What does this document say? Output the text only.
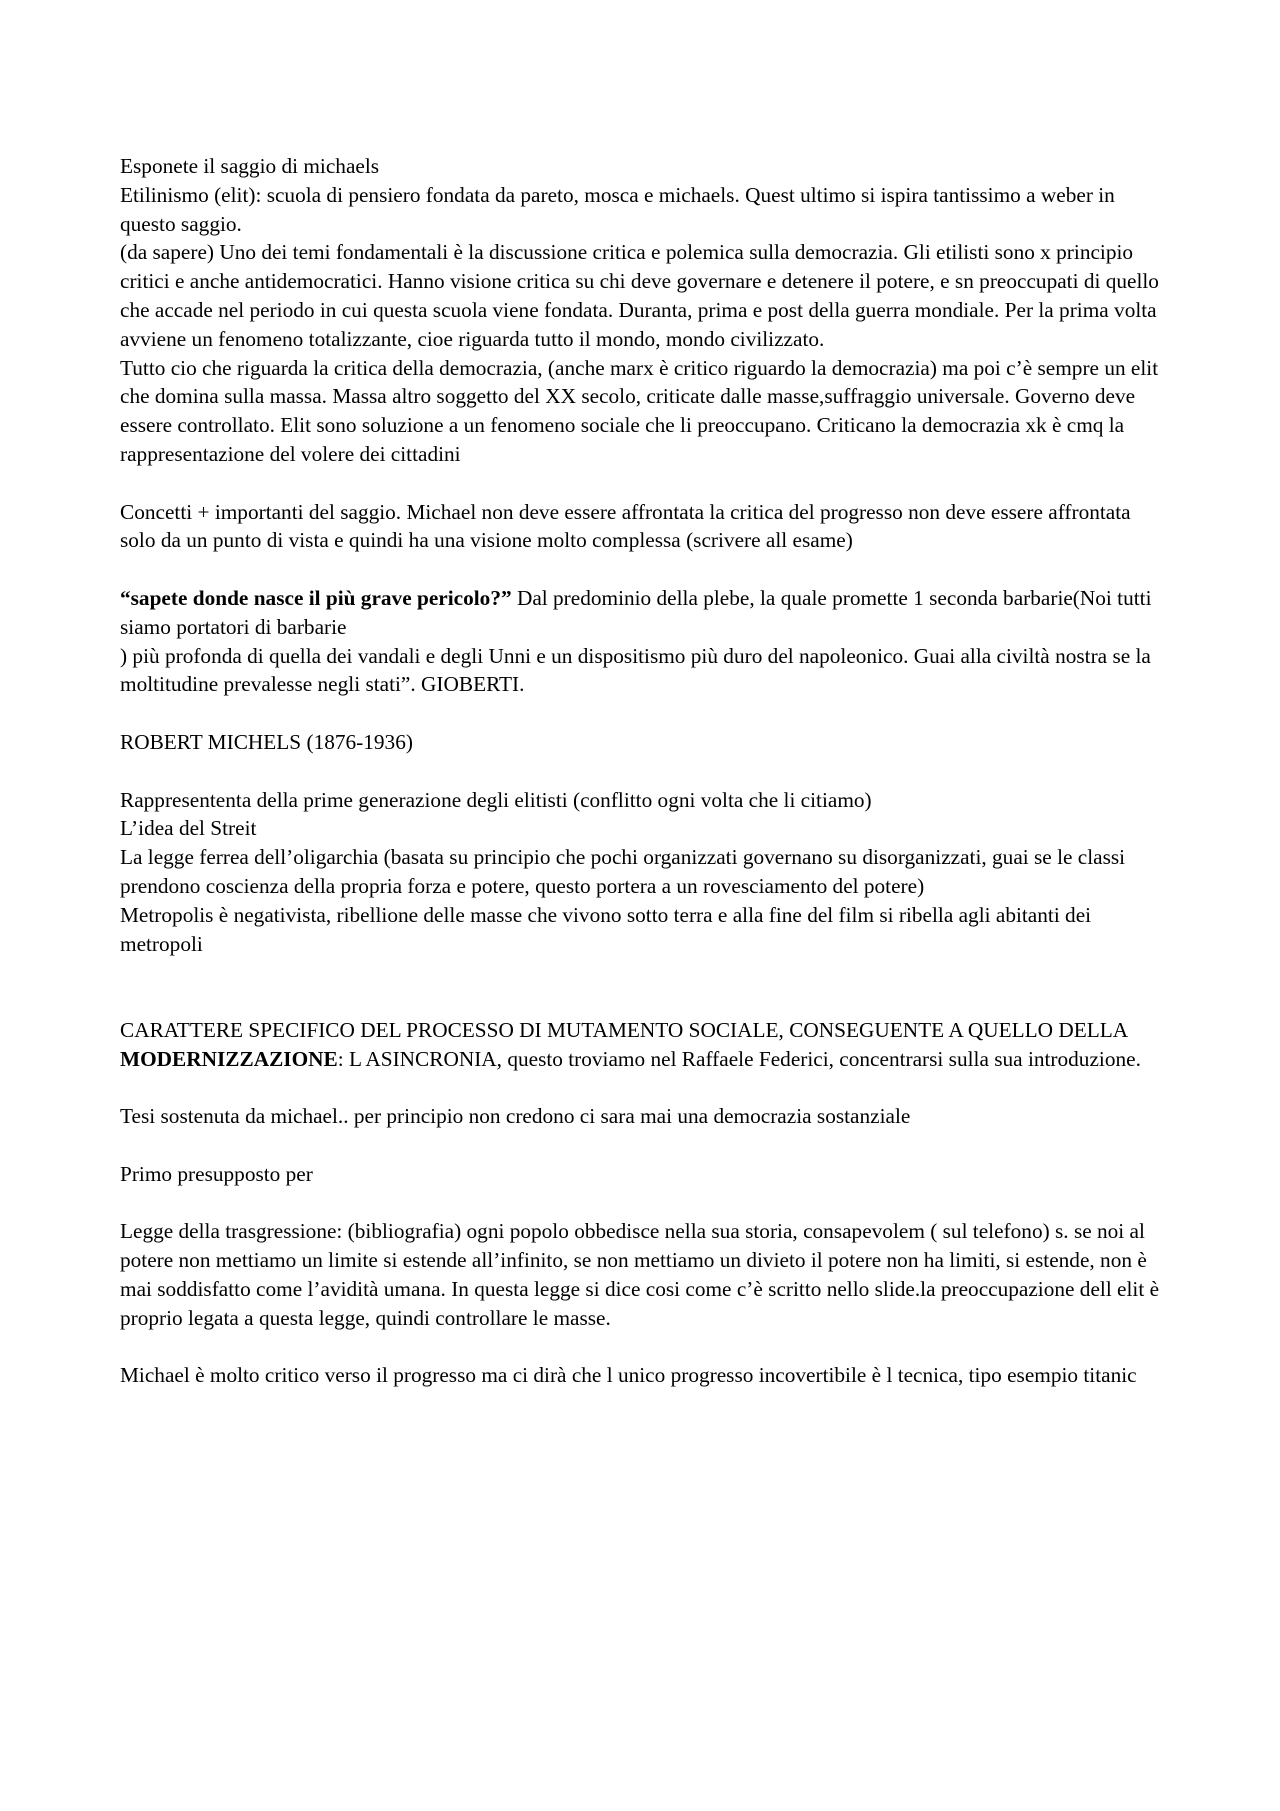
Esponete il saggio di michaels

Etilinismo (elit): scuola di pensiero fondata da pareto, mosca e michaels. Quest ultimo si ispira tantissimo a weber in questo saggio.

(da sapere) Uno dei temi fondamentali è la discussione critica e polemica sulla democrazia. Gli etilisti sono x principio critici e anche antidemocratici. Hanno visione critica su chi deve governare e detenere il potere, e sn preoccupati di quello che accade nel periodo in cui questa scuola viene fondata. Duranta, prima e post della guerra mondiale. Per la prima volta avviene un fenomeno totalizzante, cioe riguarda tutto il mondo, mondo civilizzato.

Tutto cio che riguarda la critica della democrazia, (anche marx è critico riguardo la democrazia) ma poi c’è sempre un elit che domina sulla massa. Massa altro soggetto del XX secolo, criticate dalle masse,suffraggio universale. Governo deve essere controllato. Elit sono soluzione a un fenomeno sociale che li preoccupano. Criticano la democrazia xk è cmq la rappresentazione del volere dei cittadini

Concetti + importanti del saggio. Michael non deve essere affrontata la critica del progresso non deve essere affrontata solo da un punto di vista e quindi ha una visione molto complessa (scrivere all esame)

“sapete donde nasce il più grave pericolo?” Dal predominio della plebe, la quale promette 1 seconda barbarie(Noi tutti siamo portatori di barbarie

) più profonda di quella dei vandali e degli Unni e un dispositismo più duro del napoleonico. Guai alla civiltà nostra se la moltitudine prevalesse negli stati”. GIOBERTI.

ROBERT MICHELS (1876-1936)

Rappresententa della prime generazione degli elitisti (conflitto ogni volta che li citiamo)

L’idea del Streit

La legge ferrea dell’oligarchia (basata su principio che pochi organizzati governano su disorganizzati, guai se le classi prendono coscienza della propria forza e potere, questo portera a un rovesciamento del potere)

Metropolis è negativista, ribellione delle masse che vivono sotto terra e alla fine del film si ribella agli abitanti dei metropoli

CARATTERE SPECIFICO DEL PROCESSO DI MUTAMENTO SOCIALE, CONSEGUENTE A QUELLO DELLA MODERNIZZAZIONE: L ASINCRONIA, questo troviamo nel Raffaele Federici, concentrarsi sulla sua introduzione.

Tesi sostenuta da michael.. per principio non credono ci sara mai una democrazia sostanziale

Primo presupposto per

Legge della trasgressione: (bibliografia) ogni popolo obbedisce nella sua storia, consapevolem ( sul telefono) s. se noi al potere non mettiamo un limite si estende all’infinito, se non mettiamo un divieto il potere non ha limiti, si estende, non è mai soddisfatto come l’avidità umana. In questa legge si dice cosi come c’è scritto nello slide.la preoccupazione dell elit è proprio legata a questa legge, quindi controllare le masse.

Michael è molto critico verso il progresso ma ci dirà che l unico progresso incovertibile è l tecnica, tipo esempio titanic
